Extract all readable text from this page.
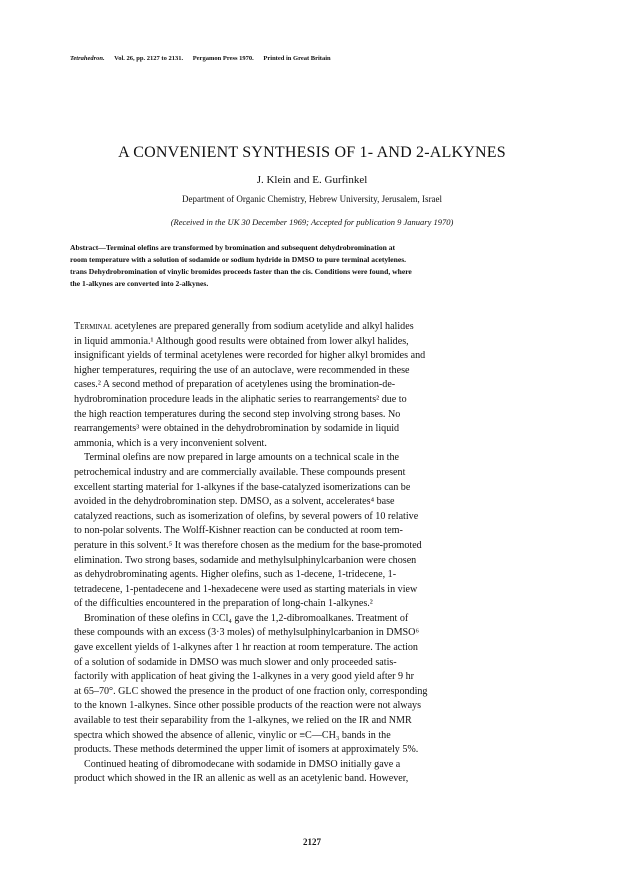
Tetrahedron. Vol. 26, pp. 2127 to 2131. Pergamon Press 1970. Printed in Great Britain
A CONVENIENT SYNTHESIS OF 1- AND 2-ALKYNES
J. Klein and E. Gurfinkel
Department of Organic Chemistry, Hebrew University, Jerusalem, Israel
(Received in the UK 30 December 1969; Accepted for publication 9 January 1970)
Abstract—Terminal olefins are transformed by bromination and subsequent dehydrobromination at
room temperature with a solution of sodamide or sodium hydride in DMSO to pure terminal acetylenes.
trans Dehydrobromination of vinylic bromides proceeds faster than the cis. Conditions were found, where
the 1-alkynes are converted into 2-alkynes.
Terminal acetylenes are prepared generally from sodium acetylide and alkyl halides
in liquid ammonia.¹ Although good results were obtained from lower alkyl halides,
insignificant yields of terminal acetylenes were recorded for higher alkyl bromides and
higher temperatures, requiring the use of an autoclave, were recommended in these
cases.² A second method of preparation of acetylenes using the bromination-de-
hydrobromination procedure leads in the aliphatic series to rearrangements² due to
the high reaction temperatures during the second step involving strong bases. No
rearrangements³ were obtained in the dehydrobromination by sodamide in liquid
ammonia, which is a very inconvenient solvent.
Terminal olefins are now prepared in large amounts on a technical scale in the
petrochemical industry and are commercially available. These compounds present
excellent starting material for 1-alkynes if the base-catalyzed isomerizations can be
avoided in the dehydrobromination step. DMSO, as a solvent, accelerates⁴ base
catalyzed reactions, such as isomerization of olefins, by several powers of 10 relative
to non-polar solvents. The Wolff-Kishner reaction can be conducted at room tem-
perature in this solvent.⁵ It was therefore chosen as the medium for the base-promoted
elimination. Two strong bases, sodamide and methylsulphinylcarbanion were chosen
as dehydrobrominating agents. Higher olefins, such as 1-decene, 1-tridecene, 1-
tetradecene, 1-pentadecene and 1-hexadecene were used as starting materials in view
of the difficulties encountered in the preparation of long-chain 1-alkynes.²
Bromination of these olefins in CCl₄ gave the 1,2-dibromoalkanes. Treatment of
these compounds with an excess (3·3 moles) of methylsulphinylcarbanion in DMSO⁶
gave excellent yields of 1-alkynes after 1 hr reaction at room temperature. The action
of a solution of sodamide in DMSO was much slower and only proceeded satis-
factorily with application of heat giving the 1-alkynes in a very good yield after 9 hr
at 65–70°. GLC showed the presence in the product of one fraction only, corresponding
to the known 1-alkynes. Since other possible products of the reaction were not always
available to test their separability from the 1-alkynes, we relied on the IR and NMR
spectra which showed the absence of allenic, vinylic or ≡C—CH₃ bands in the
products. These methods determined the upper limit of isomers at approximately 5%.
Continued heating of dibromodecane with sodamide in DMSO initially gave a
product which showed in the IR an allenic as well as an acetylenic band. However,
2127
